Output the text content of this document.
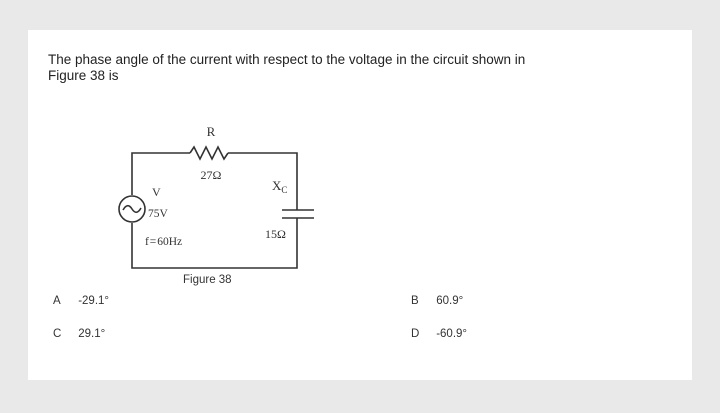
The phase angle of the current with respect to the voltage in the circuit shown in
Figure 38 is
R
27Ω
$X_C$
15Ω
V
75V
f = 60Hz
Figure 38
A -29.1°	B 60.9°
C 29.1°	D -60.9°
